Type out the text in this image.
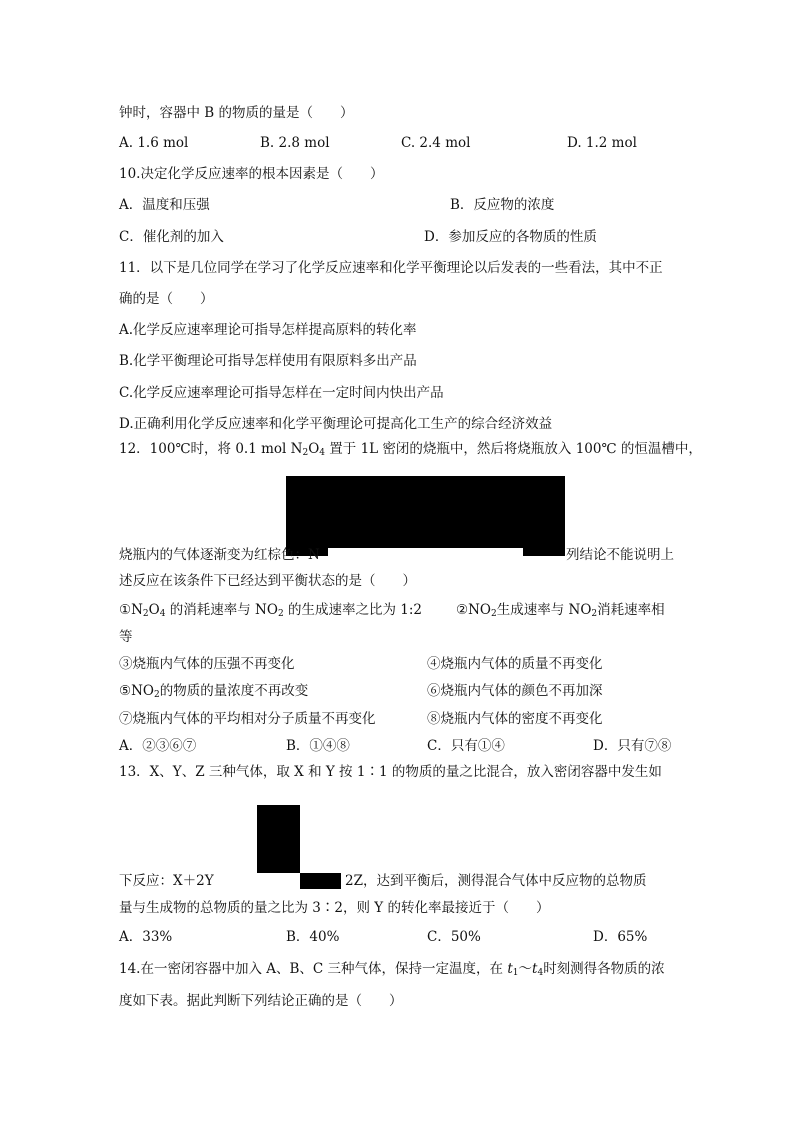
钟时，容器中 B 的物质的量是（　　）
A. 1.6 mol	B. 2.8 mol	C. 2.4 mol	D. 1.2 mol
10.决定化学反应速率的根本因素是（　　）
A．温度和压强	B．反应物的浓度
C．催化剂的加入	D．参加反应的各物质的性质
11．以下是几位同学在学习了化学反应速率和化学平衡理论以后发表的一些看法，其中不正
确的是（　　）
A.化学反应速率理论可指导怎样提高原料的转化率
B.化学平衡理论可指导怎样使用有限原料多出产品
C.化学反应速率理论可指导怎样在一定时间内快出产品
D.正确利用化学反应速率和化学平衡理论可提高化工生产的综合经济效益
12．100℃时，将 0.1 mol $N_2O_4$ 置于 1L 密闭的烧瓶中，然后将烧瓶放入 100℃ 的恒温槽中，
烧瓶内的气体逐渐变为红棕色：N	列结论不能说明上
述反应在该条件下已经达到平衡状态的是（　　）
$①N_2O_4$ 的消耗速率与 $NO_2$ 的生成速率之比为 1:2	$②NO_2$生成速率与 $NO_2$消耗速率相
等
③烧瓶内气体的压强不再变化	④烧瓶内气体的质量不再变化
$⑤NO_2$的物质的量浓度不再改变	⑥烧瓶内气体的颜色不再加深
⑦烧瓶内气体的平均相对分子质量不再变化	⑧烧瓶内气体的密度不再变化
A．②③⑥⑦	B．①④⑧	C．只有①④	D．只有⑦⑧
13．X、Y、Z 三种气体，取 X 和 Y 按 1∶1 的物质的量之比混合，放入密闭容器中发生如
下反应：X＋2Y	2Z，达到平衡后，测得混合气体中反应物的总物质
量与生成物的总物质的量之比为 3∶2，则 Y 的转化率最接近于（　　）
A．33%	B．40%	C．50%	D．65%
14.在一密闭容器中加入 A、B、C 三种气体，保持一定温度，在 $t_1\sim t_4$时刻测得各物质的浓
度如下表。据此判断下列结论正确的是（　　）
